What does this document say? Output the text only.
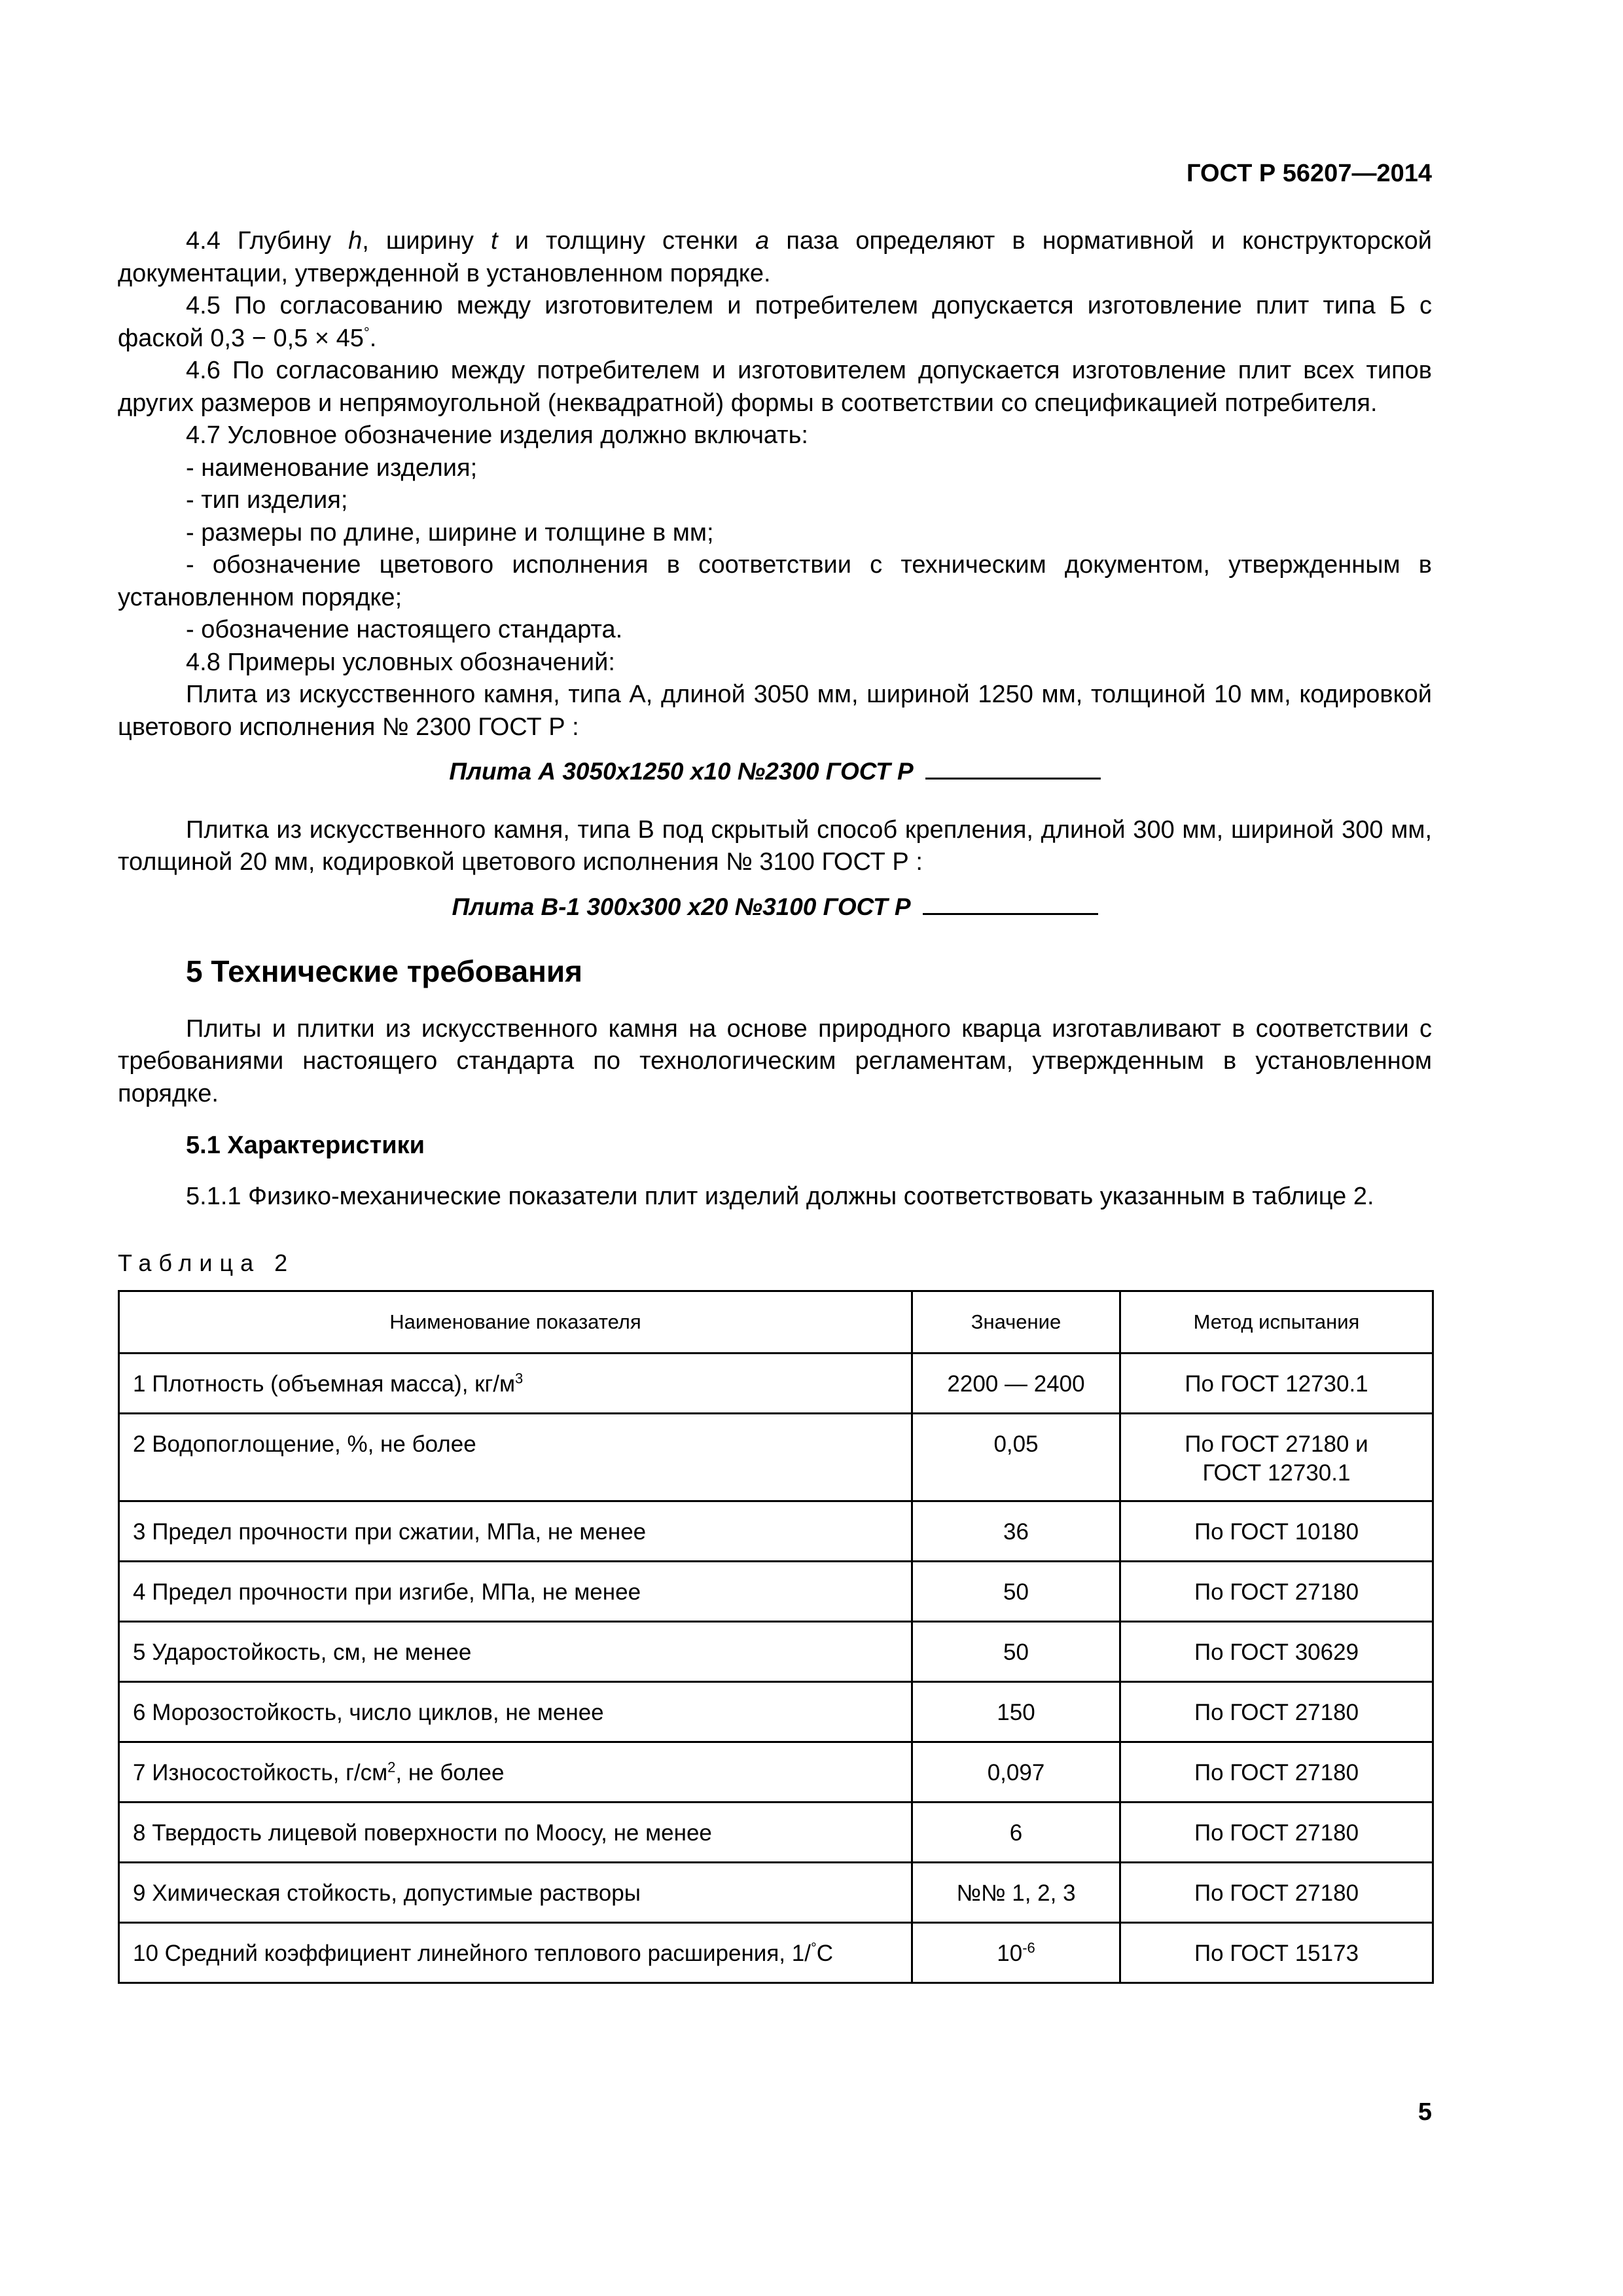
ГОСТ Р 56207—2014

4.4 Глубину h, ширину t и толщину стенки a паза определяют в нормативной и конструкторской документации, утвержденной в установленном порядке.

4.5 По согласованию между изготовителем и потребителем допускается изготовление плит типа Б с фаской 0,3 − 0,5 × 45°.

4.6 По согласованию между потребителем и изготовителем допускается изготовление плит всех типов других размеров и непрямоугольной (неквадратной) формы в соответствии со спецификацией потребителя.

4.7 Условное обозначение изделия должно включать:

- наименование изделия;

- тип изделия;

- размеры по длине, ширине и толщине в мм;

- обозначение цветового исполнения в соответствии с техническим документом, утвержденным в установленном порядке;

- обозначение настоящего стандарта.

4.8 Примеры условных обозначений:

Плита из искусственного камня, типа А, длиной 3050 мм, шириной 1250 мм, толщиной 10 мм, кодировкой цветового исполнения № 2300 ГОСТ Р :

Плита А 3050х1250 х10 №2300 ГОСТ Р

Плитка из искусственного камня, типа В под скрытый способ крепления, длиной 300 мм, шириной 300 мм, толщиной 20 мм, кодировкой цветового исполнения № 3100 ГОСТ Р :

Плита В-1 300х300 х20 №3100 ГОСТ Р

5 Технические требования

Плиты и плитки из искусственного камня на основе природного кварца изготавливают в соответствии с требованиями настоящего стандарта по технологическим регламентам, утвержденным в установленном порядке.

5.1 Характеристики

5.1.1 Физико-механические показатели плит изделий должны соответствовать указанным в таблице 2.

Таблица 2
Наименование показателя	Значение	Метод испытания
1 Плотность (объемная масса), $кг/м^3$	2200 — 2400	По ГОСТ 12730.1
2 Водопоглощение, %, не более	0,05	По ГОСТ 27180 и
ГОСТ 12730.1

3 Предел прочности при сжатии, МПа, не менее	36	По ГОСТ 10180
4 Предел прочности при изгибе, МПа, не менее	50	По ГОСТ 27180
5 Ударостойкость, см, не менее	50	По ГОСТ 30629
6 Морозостойкость, число циклов, не менее	150	По ГОСТ 27180
7 Износостойкость, $г/см^2$, не более	0,097	По ГОСТ 27180
8 Твердость лицевой поверхности по Моосу, не менее	6	По ГОСТ 27180
9 Химическая стойкость, допустимые растворы	№№ 1, 2, 3	По ГОСТ 27180
10 Средний коэффициент линейного теплового расширения, 1/°С	$10^{-6}$	По ГОСТ 15173
5
